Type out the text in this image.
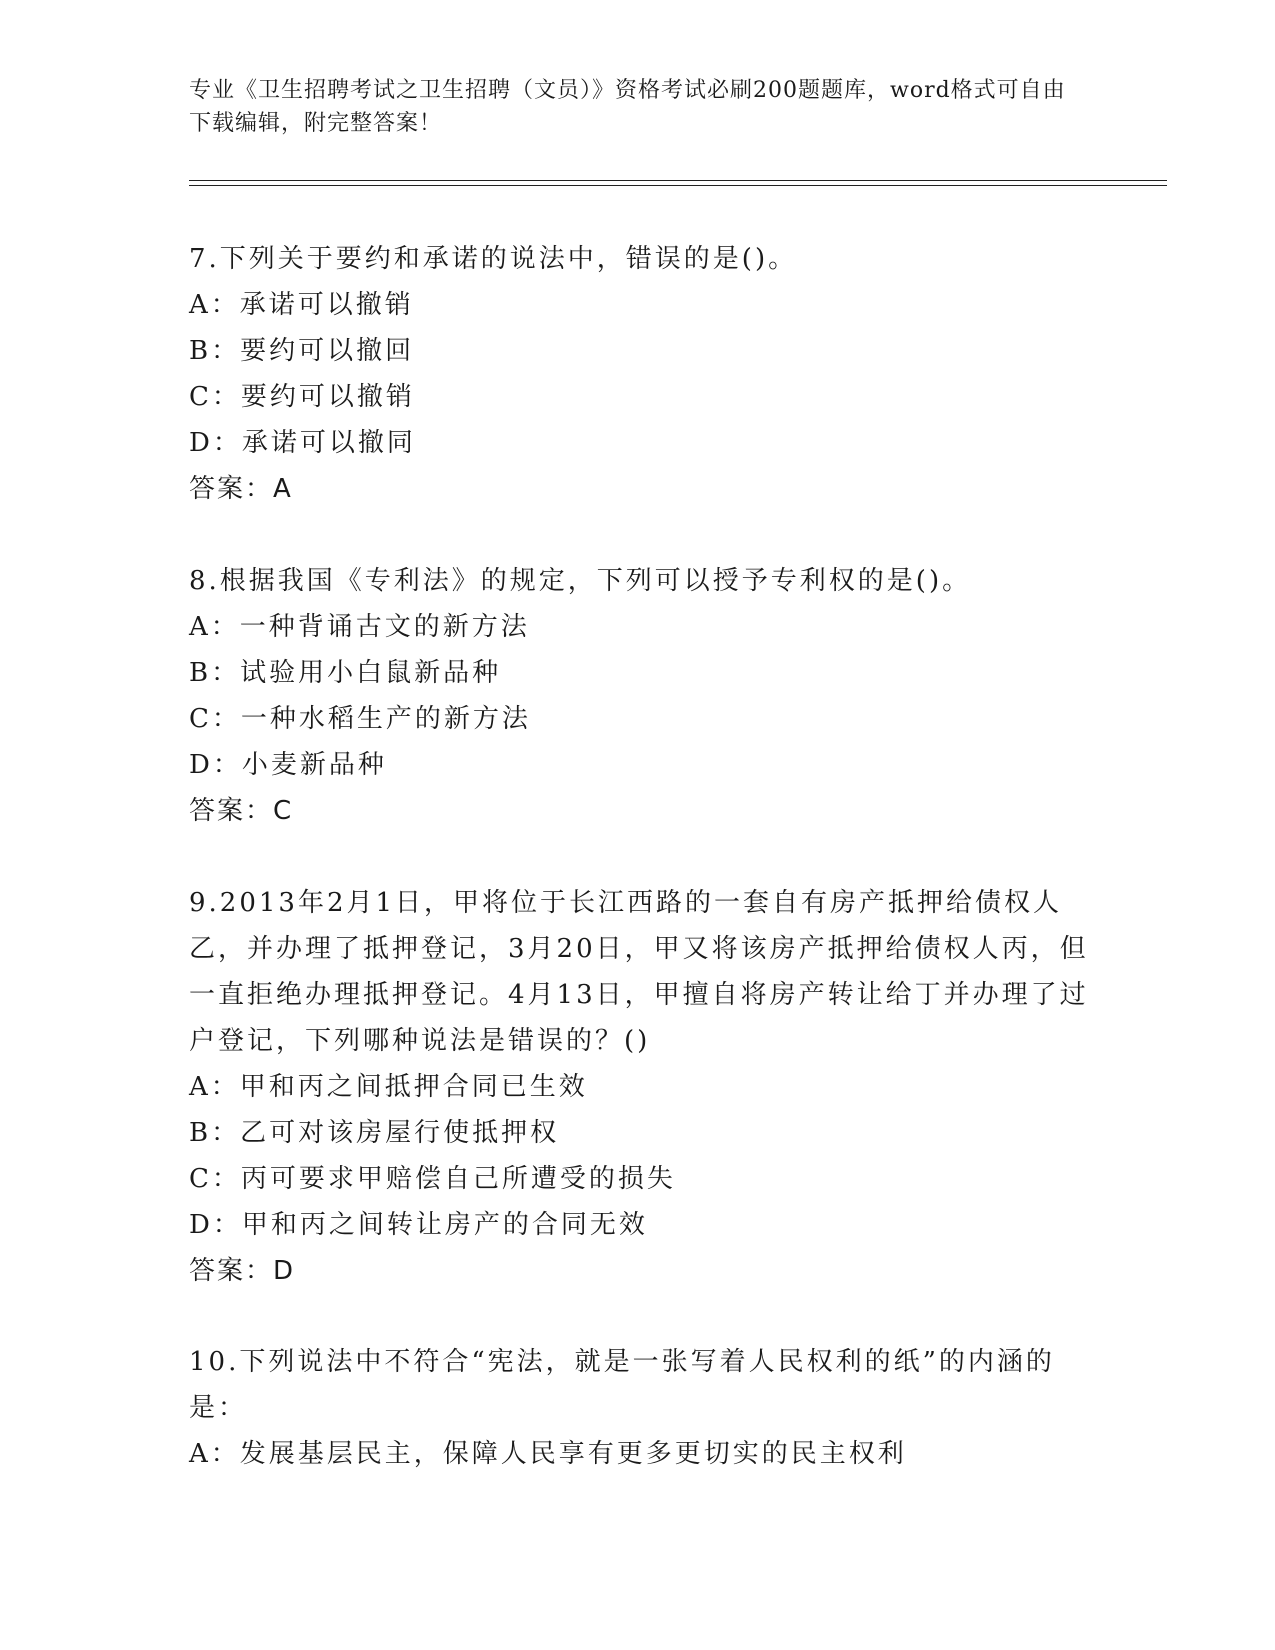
专业《卫生招聘考试之卫生招聘（文员）》资格考试必刷200题题库，word格式可自由下载编辑，附完整答案！
7.下列关于要约和承诺的说法中，错误的是()。
A：承诺可以撤销
B：要约可以撤回
C：要约可以撤销
D：承诺可以撤同
答案：A
8.根据我国《专利法》的规定，下列可以授予专利权的是()。
A：一种背诵古文的新方法
B：试验用小白鼠新品种
C：一种水稻生产的新方法
D：小麦新品种
答案：C
9.2013年2月1日，甲将位于长江西路的一套自有房产抵押给债权人乙，并办理了抵押登记，3月20日，甲又将该房产抵押给债权人丙，但一直拒绝办理抵押登记。4月13日，甲擅自将房产转让给丁并办理了过户登记，下列哪种说法是错误的？()
A：甲和丙之间抵押合同已生效
B：乙可对该房屋行使抵押权
C：丙可要求甲赔偿自己所遭受的损失
D：甲和丙之间转让房产的合同无效
答案：D
10.下列说法中不符合“宪法，就是一张写着人民权利的纸”的内涵的是：
A：发展基层民主，保障人民享有更多更切实的民主权利
